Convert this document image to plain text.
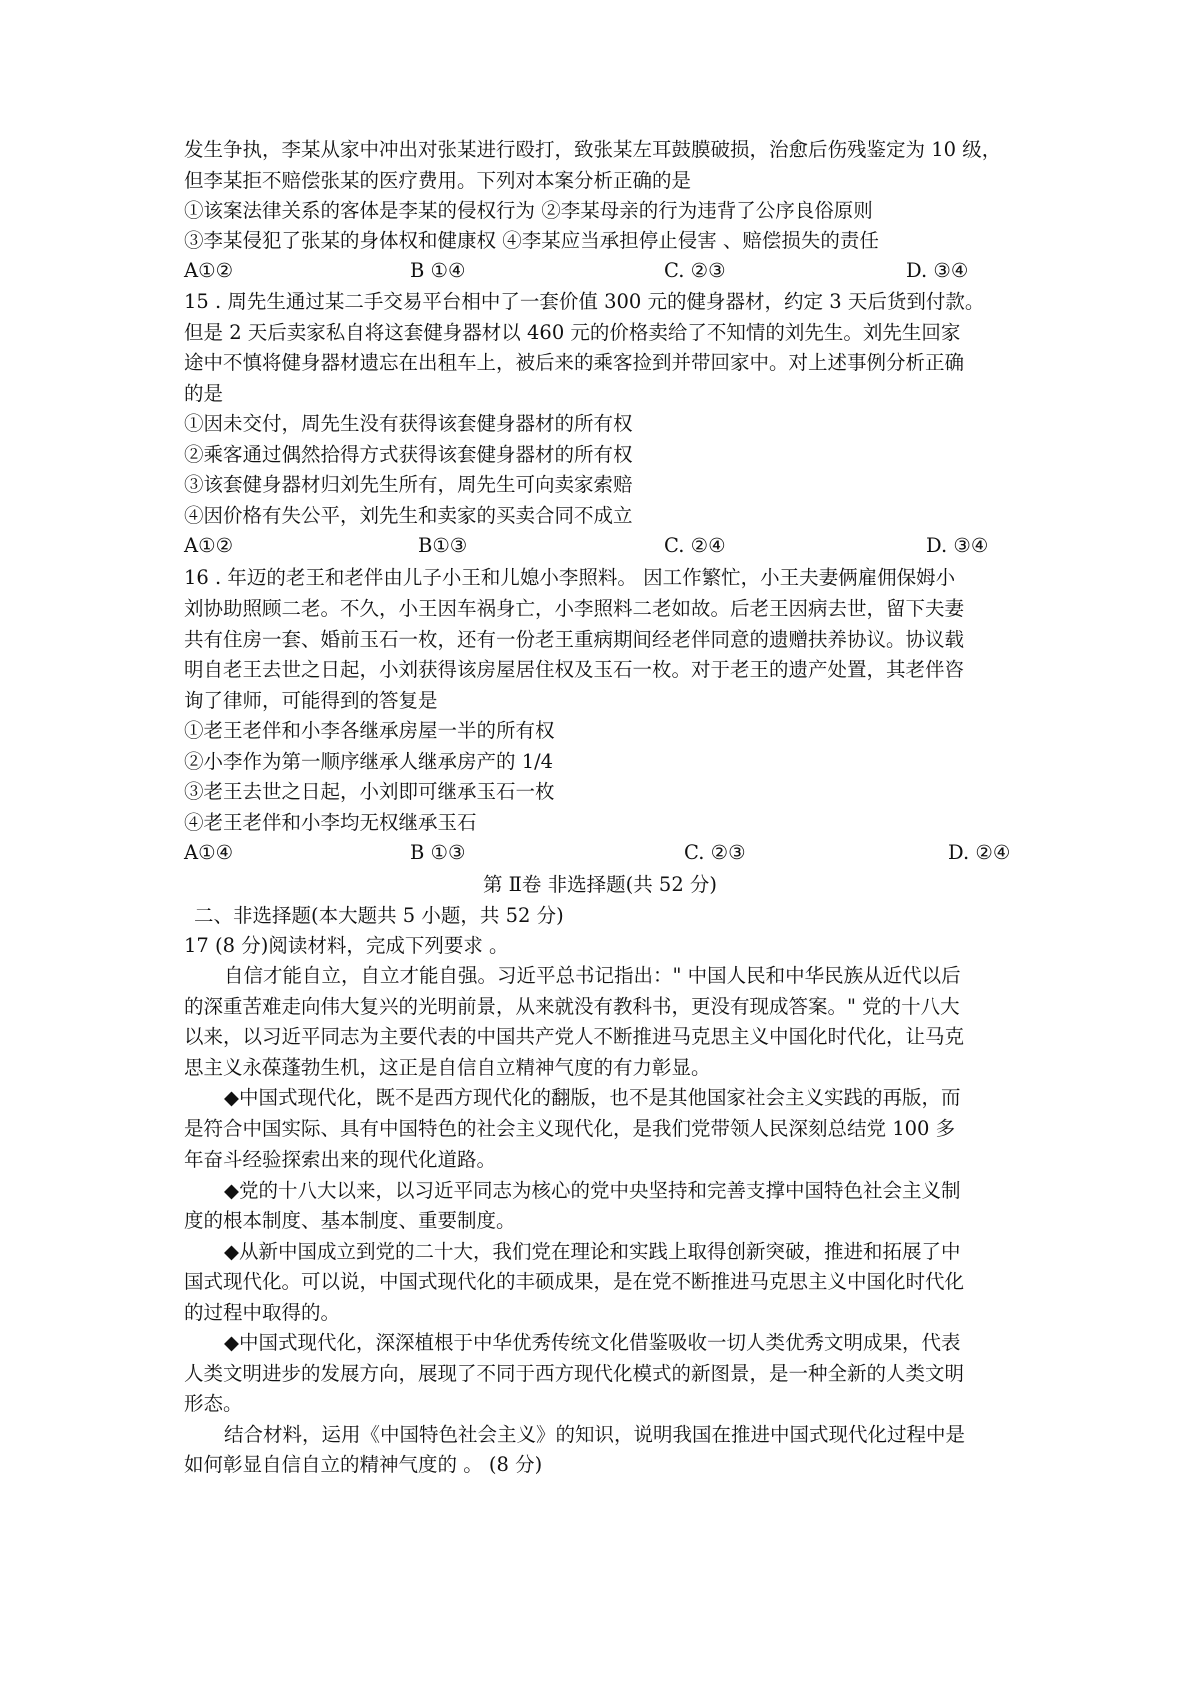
发生争执，李某从家中冲出对张某进行殴打，致张某左耳鼓膜破损，治愈后伤残鉴定为 10 级，
但李某拒不赔偿张某的医疗费用。下列对本案分析正确的是
①该案法律关系的客体是李某的侵权行为 ②李某母亲的行为违背了公序良俗原则
③李某侵犯了张某的身体权和健康权 ④李某应当承担停止侵害 、赔偿损失的责任
A①②	B ①④	C. ②③	D. ③④
15 . 周先生通过某二手交易平台相中了一套价值 300 元的健身器材，约定 3 天后货到付款。
但是 2 天后卖家私自将这套健身器材以 460 元的价格卖给了不知情的刘先生。刘先生回家
途中不慎将健身器材遗忘在出租车上，被后来的乘客捡到并带回家中。对上述事例分析正确
的是
①因未交付，周先生没有获得该套健身器材的所有权
②乘客通过偶然拾得方式获得该套健身器材的所有权
③该套健身器材归刘先生所有，周先生可向卖家索赔
④因价格有失公平，刘先生和卖家的买卖合同不成立
A①②	B①③	C. ②④	D. ③④
16 . 年迈的老王和老伴由儿子小王和儿媳小李照料。 因工作繁忙，小王夫妻俩雇佣保姆小
刘协助照顾二老。不久，小王因车祸身亡，小李照料二老如故。后老王因病去世，留下夫妻
共有住房一套、婚前玉石一枚，还有一份老王重病期间经老伴同意的遗赠扶养协议。协议载
明自老王去世之日起，小刘获得该房屋居住权及玉石一枚。对于老王的遗产处置，其老伴咨
询了律师，可能得到的答复是
①老王老伴和小李各继承房屋一半的所有权
②小李作为第一顺序继承人继承房产的 1/4
③老王去世之日起，小刘即可继承玉石一枚
④老王老伴和小李均无权继承玉石
A①④	B ①③	C. ②③	D. ②④
第 Ⅱ卷 非选择题(共 52 分)
二、非选择题(本大题共 5 小题，共 52 分)
17 (8 分)阅读材料，完成下列要求 。
自信才能自立，自立才能自强。习近平总书记指出：" 中国人民和中华民族从近代以后
的深重苦难走向伟大复兴的光明前景，从来就没有教科书，更没有现成答案。" 党的十八大
以来，以习近平同志为主要代表的中国共产党人不断推进马克思主义中国化时代化，让马克
思主义永葆蓬勃生机，这正是自信自立精神气度的有力彰显。
◆中国式现代化，既不是西方现代化的翻版，也不是其他国家社会主义实践的再版，而
是符合中国实际、具有中国特色的社会主义现代化，是我们党带领人民深刻总结党 100 多
年奋斗经验探索出来的现代化道路。
◆党的十八大以来，以习近平同志为核心的党中央坚持和完善支撑中国特色社会主义制
度的根本制度、基本制度、重要制度。
◆从新中国成立到党的二十大，我们党在理论和实践上取得创新突破，推进和拓展了中
国式现代化。可以说，中国式现代化的丰硕成果，是在党不断推进马克思主义中国化时代化
的过程中取得的。
◆中国式现代化，深深植根于中华优秀传统文化借鉴吸收一切人类优秀文明成果，代表
人类文明进步的发展方向，展现了不同于西方现代化模式的新图景，是一种全新的人类文明
形态。
结合材料，运用《中国特色社会主义》的知识，说明我国在推进中国式现代化过程中是
如何彰显自信自立的精神气度的 。 (8 分)
